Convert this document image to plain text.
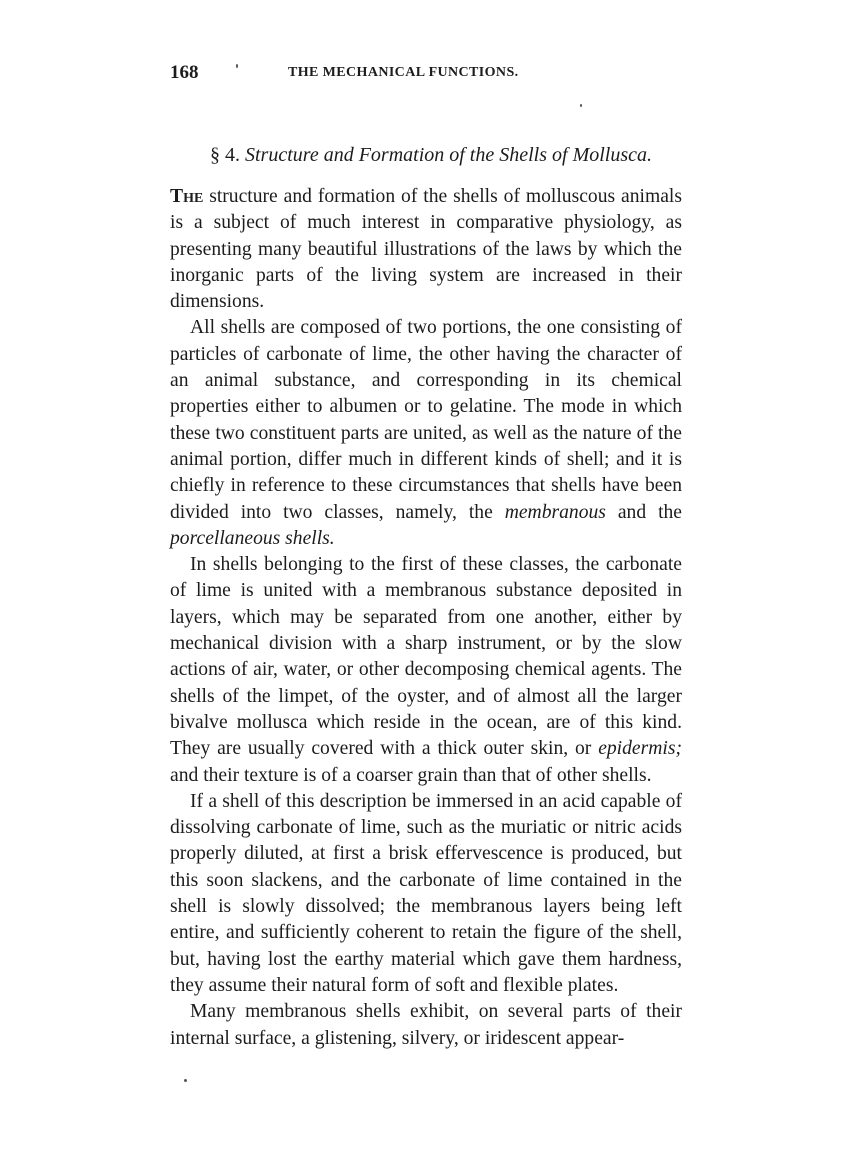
168	THE MECHANICAL FUNCTIONS.
§ 4. Structure and Formation of the Shells of Mollusca.

The structure and formation of the shells of molluscous animals is a subject of much interest in comparative physiology, as presenting many beautiful illustrations of the laws by which the inorganic parts of the living system are increased in their dimensions.

All shells are composed of two portions, the one consisting of particles of carbonate of lime, the other having the character of an animal substance, and corresponding in its chemical properties either to albumen or to gelatine. The mode in which these two constituent parts are united, as well as the nature of the animal portion, differ much in different kinds of shell; and it is chiefly in reference to these circumstances that shells have been divided into two classes, namely, the membranous and the porcellaneous shells.

In shells belonging to the first of these classes, the carbonate of lime is united with a membranous substance deposited in layers, which may be separated from one another, either by mechanical division with a sharp instrument, or by the slow actions of air, water, or other decomposing chemical agents. The shells of the limpet, of the oyster, and of almost all the larger bivalve mollusca which reside in the ocean, are of this kind. They are usually covered with a thick outer skin, or epidermis; and their texture is of a coarser grain than that of other shells.

If a shell of this description be immersed in an acid capable of dissolving carbonate of lime, such as the muriatic or nitric acids properly diluted, at first a brisk effervescence is produced, but this soon slackens, and the carbonate of lime contained in the shell is slowly dissolved; the membranous layers being left entire, and sufficiently coherent to retain the figure of the shell, but, having lost the earthy material which gave them hardness, they assume their natural form of soft and flexible plates.

Many membranous shells exhibit, on several parts of their internal surface, a glistening, silvery, or iridescent appear-
